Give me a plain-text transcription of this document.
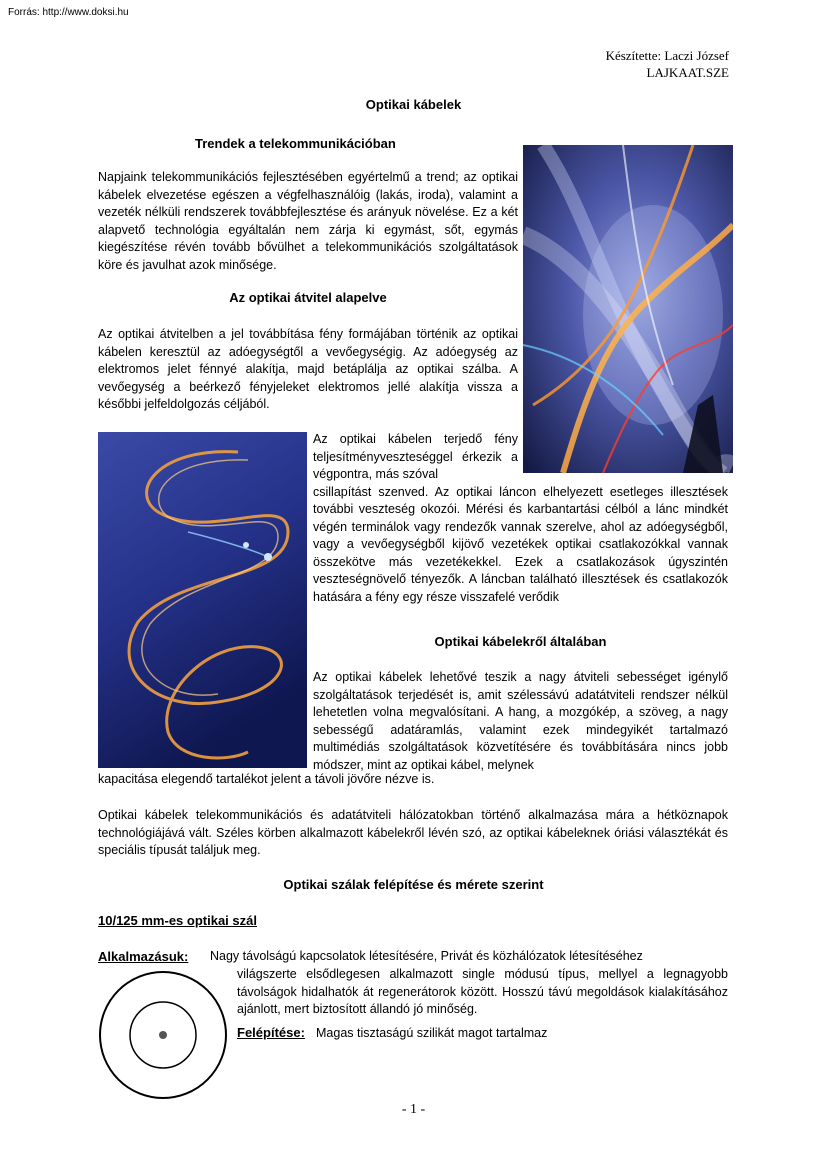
Forrás: http://www.doksi.hu
Készítette: Laczi József
LAJKAAT.SZE
Optikai kábelek
Trendek a telekommunikációban

Napjaink telekommunikációs fejlesztésében egyértelmű a trend; az optikai kábelek elvezetése egészen a végfelhasználóig (lakás, iroda), valamint a vezeték nélküli rendszerek továbbfejlesztése és arányuk növelése. Ez a két alapvető technológia egyáltalán nem zárja ki egymást, sőt, egymás kiegészítése révén tovább bővülhet a telekommunikációs szolgáltatások köre és javulhat azok minősége.

Az optikai átvitel alapelve

Az optikai átvitelben a jel továbbítása fény formájában történik az optikai kábelen keresztül az adóegységtől a vevőegységig. Az adóegység az elektromos jelet fénnyé alakítja, majd betáplálja az optikai szálba. A vevőegység a beérkező fényjeleket elektromos jellé alakítja vissza a későbbi jelfeldolgozás céljából.

Az optikai kábelen terjedő fény teljesítményveszteséggel érkezik a végpontra, más szóval
csillapítást szenved. Az optikai láncon elhelyezett esetleges illesztések további veszteség okozói. Mérési és karbantartási célból a lánc mindkét végén terminálok vagy rendezők vannak szerelve, ahol az adóegységből, vagy a vevőegységből kijövő vezetékek optikai csatlakozókkal vannak összekötve más vezetékekkel. Ezek a csatlakozások úgyszintén veszteségnövelő tényezők. A láncban található illesztések és csatlakozók hatására a fény egy része visszafelé verődik

Optikai kábelekről általában

Az optikai kábelek lehetővé teszik a nagy átviteli sebességet igénylő szolgáltatások terjedését is, amit szélessávú adatátviteli rendszer nélkül lehetetlen volna megvalósítani. A hang, a mozgókép, a szöveg, a nagy sebességű adatáramlás, valamint ezek mindegyikét tartalmazó multimédiás szolgáltatások közvetítésére és továbbítására nincs jobb módszer, mint az optikai kábel, melynek

kapacitása elegendő tartalékot jelent a távoli jövőre nézve is.

Optikai kábelek telekommunikációs és adatátviteli hálózatokban történő alkalmazása mára a hétköznapok technológiájává vált. Széles körben alkalmazott kábelekről lévén szó, az optikai kábeleknek óriási választékát és speciális típusát találjuk meg.

Optikai szálak felépítése és mérete szerint
10/125 mm-es optikai szál
Alkalmazásuk: Nagy távolságú kapcsolatok létesítésére, Privát és közhálózatok létesítéséhez

világszerte elsődlegesen alkalmazott single módusú típus, mellyel a legnagyobb távolságok hidalhatók át regenerátorok között. Hosszú távú megoldások kialakításához ajánlott, mert biztosított állandó jó minőség.

Felépítése: Magas tisztaságú szilikát magot tartalmaz

- 1 -
